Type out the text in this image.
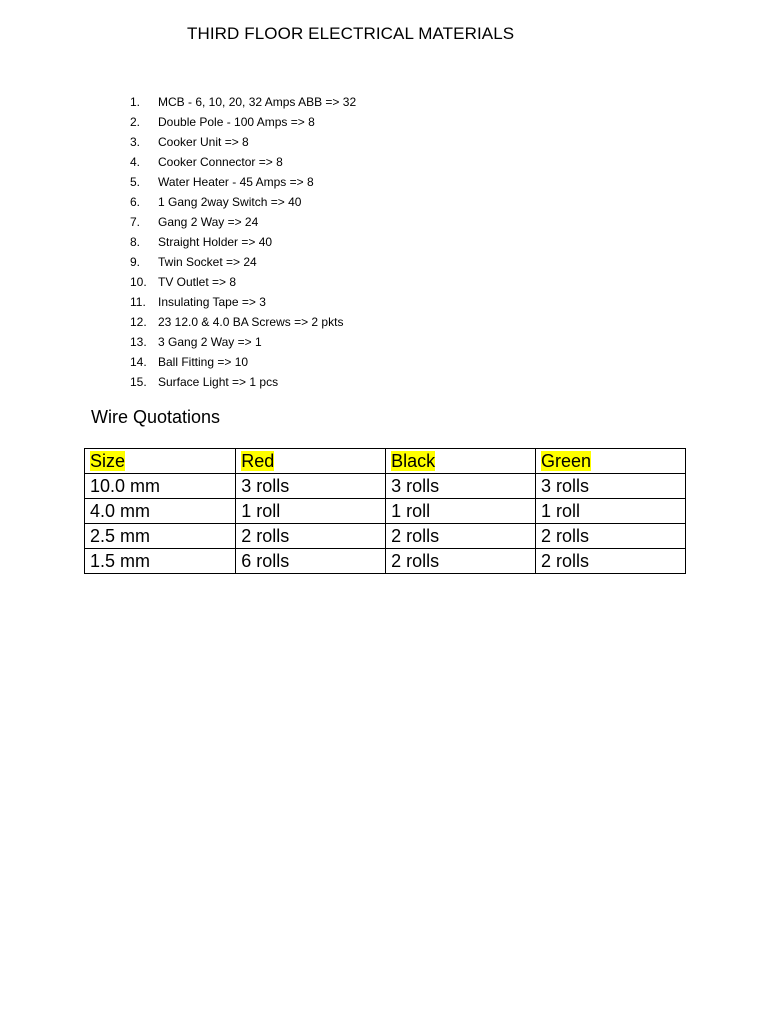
THIRD FLOOR ELECTRICAL MATERIALS
1. MCB - 6, 10, 20, 32 Amps ABB => 32
2. Double Pole - 100 Amps => 8
3. Cooker Unit => 8
4. Cooker Connector => 8
5. Water Heater - 45 Amps => 8
6. 1 Gang 2way Switch => 40
7. Gang 2 Way => 24
8. Straight Holder => 40
9. Twin Socket => 24
10. TV Outlet => 8
11. Insulating Tape => 3
12. 23 12.0 & 4.0 BA Screws => 2 pkts
13. 3 Gang 2 Way => 1
14. Ball Fitting => 10
15. Surface Light => 1 pcs
Wire Quotations
Size	Red	Black	Green
10.0 mm	3 rolls	3 rolls	3 rolls
4.0 mm	1 roll	1 roll	1 roll
2.5 mm	2 rolls	2 rolls	2 rolls
1.5 mm	6 rolls	2 rolls	2 rolls
